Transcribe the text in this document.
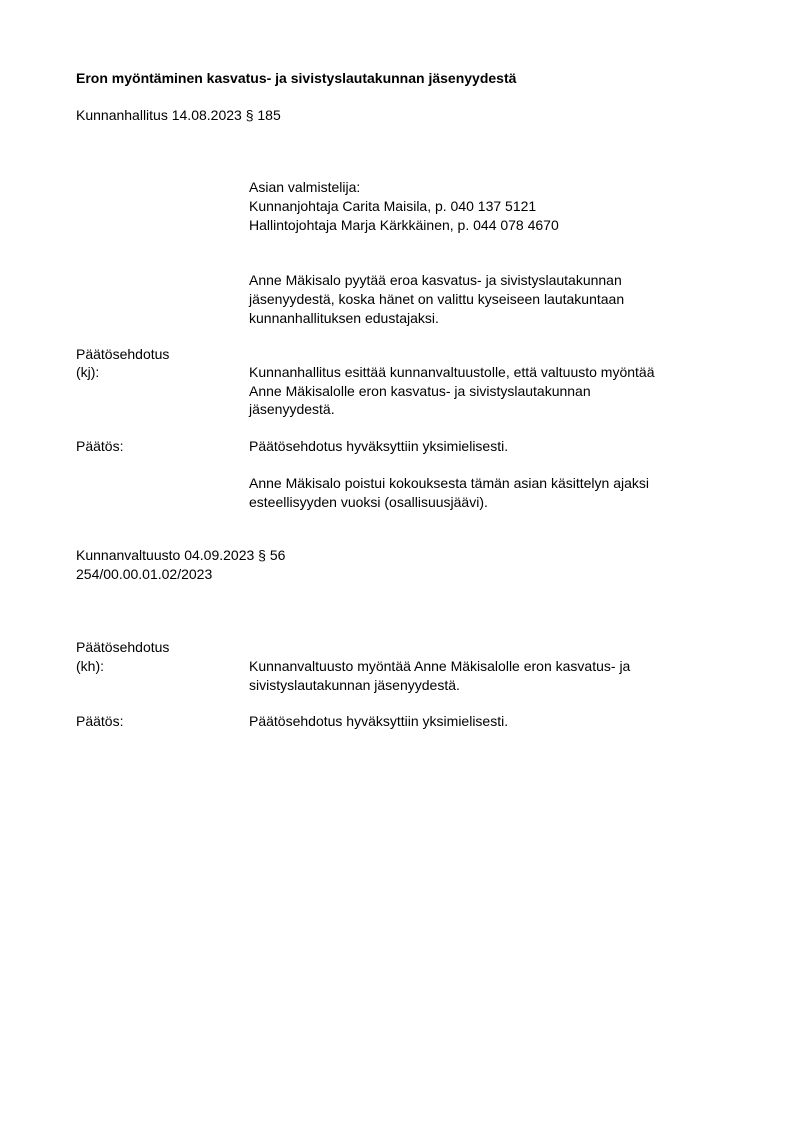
Eron myöntäminen kasvatus- ja sivistyslautakunnan jäsenyydestä
Kunnanhallitus 14.08.2023 § 185
Asian valmistelija:
Kunnanjohtaja Carita Maisila, p. 040 137 5121
Hallintojohtaja Marja Kärkkäinen, p. 044 078 4670
Anne Mäkisalo pyytää eroa kasvatus- ja sivistyslautakunnan
jäsenyydestä, koska hänet on valittu kyseiseen lautakuntaan
kunnanhallituksen edustajaksi.
Päätösehdotus
(kj):	Kunnanhallitus esittää kunnanvaltuustolle, että valtuusto myöntää
Anne Mäkisalolle eron kasvatus- ja sivistyslautakunnan
jäsenyydestä.
Päätös:	Päätösehdotus hyväksyttiin yksimielisesti.
Anne Mäkisalo poistui kokouksesta tämän asian käsittelyn ajaksi
esteellisyyden vuoksi (osallisuusjäävi).
Kunnanvaltuusto 04.09.2023 § 56
254/00.00.01.02/2023
Päätösehdotus
(kh):	Kunnanvaltuusto myöntää Anne Mäkisalolle eron kasvatus- ja
sivistyslautakunnan jäsenyydestä.
Päätös:	Päätösehdotus hyväksyttiin yksimielisesti.
